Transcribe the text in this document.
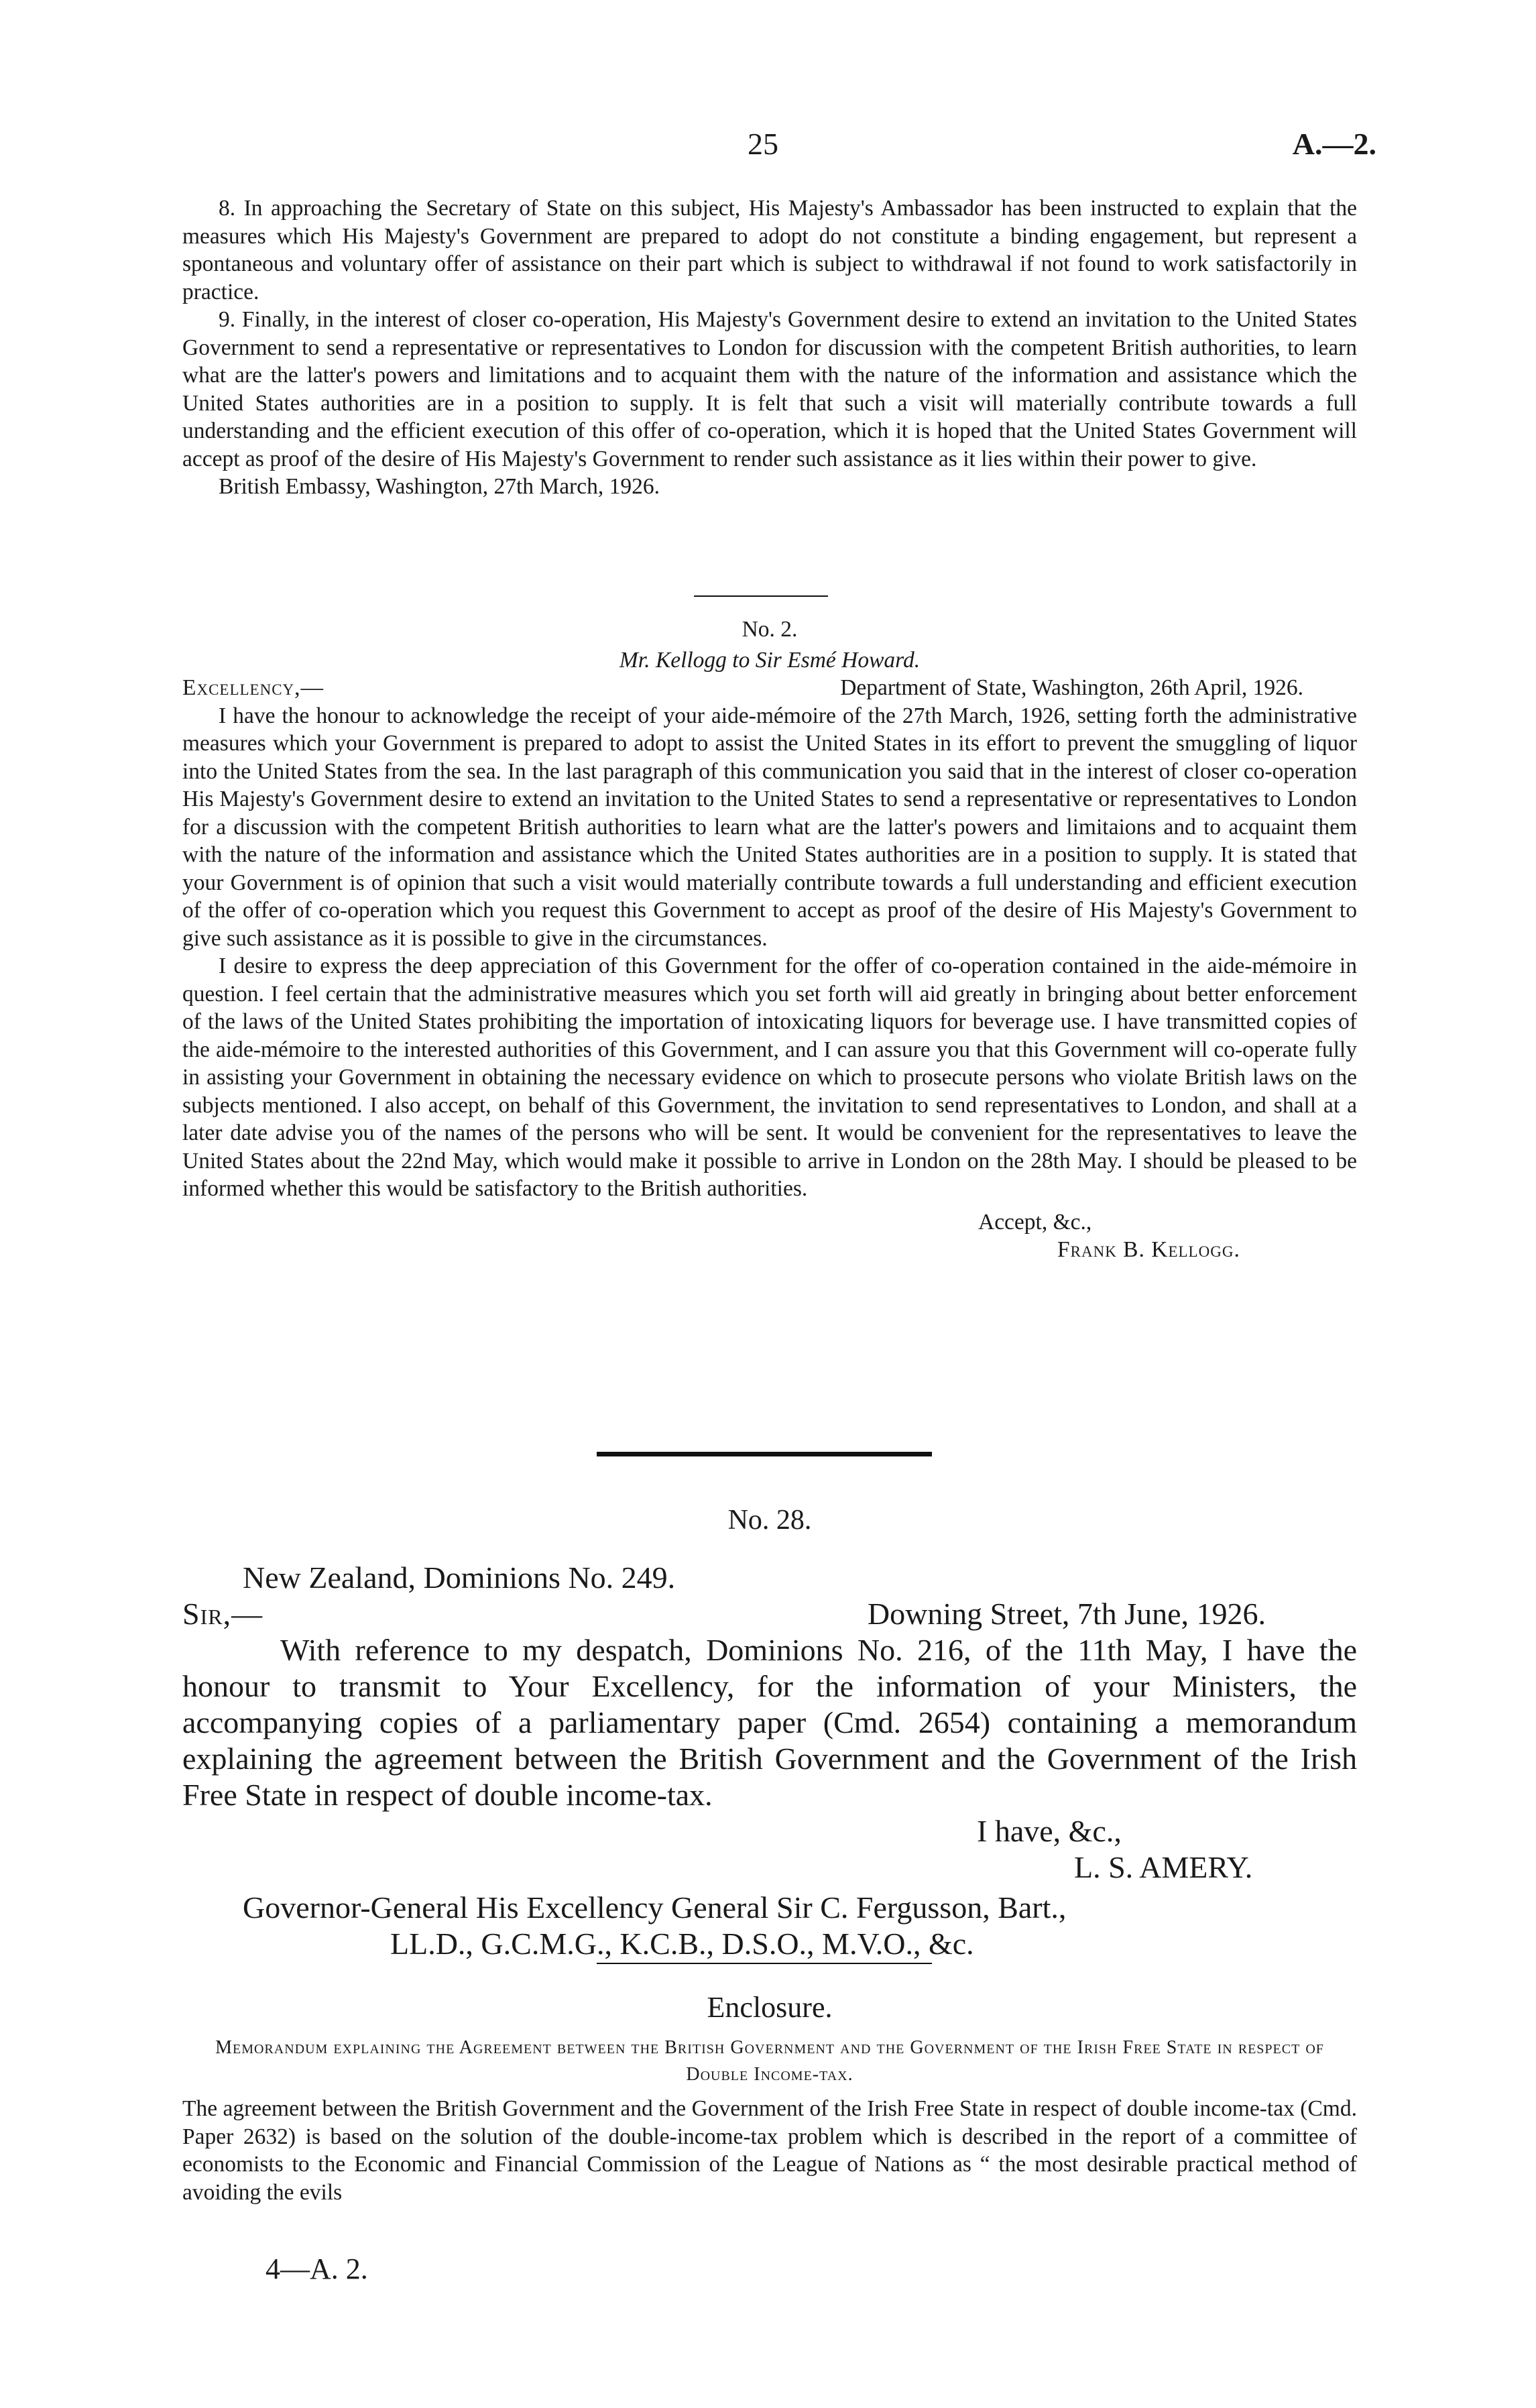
25	A.—2.

8. In approaching the Secretary of State on this subject, His Majesty's Ambassador has been instructed to explain that the measures which His Majesty's Government are prepared to adopt do not constitute a binding engagement, but represent a spontaneous and voluntary offer of assistance on their part which is subject to withdrawal if not found to work satisfactorily in practice.

9. Finally, in the interest of closer co-operation, His Majesty's Government desire to extend an invitation to the United States Government to send a representative or representatives to London for discussion with the competent British authorities, to learn what are the latter's powers and limitations and to acquaint them with the nature of the information and assistance which the United States authorities are in a position to supply. It is felt that such a visit will materially contribute towards a full understanding and the efficient execution of this offer of co-operation, which it is hoped that the United States Government will accept as proof of the desire of His Majesty's Government to render such assistance as it lies within their power to give.

British Embassy, Washington, 27th March, 1926.

No. 2.
Mr. Kellogg to Sir Esmé Howard.
Excellency,—	Department of State, Washington, 26th April, 1926.

I have the honour to acknowledge the receipt of your aide-mémoire of the 27th March, 1926, setting forth the administrative measures which your Government is prepared to adopt to assist the United States in its effort to prevent the smuggling of liquor into the United States from the sea. In the last paragraph of this communication you said that in the interest of closer co-operation His Majesty's Government desire to extend an invitation to the United States to send a representative or representatives to London for a discussion with the competent British authorities to learn what are the latter's powers and limitaions and to acquaint them with the nature of the information and assistance which the United States authorities are in a position to supply. It is stated that your Government is of opinion that such a visit would materially contribute towards a full understanding and efficient execution of the offer of co-operation which you request this Government to accept as proof of the desire of His Majesty's Government to give such assistance as it is possible to give in the circumstances.

I desire to express the deep appreciation of this Government for the offer of co-operation contained in the aide-mémoire in question. I feel certain that the administrative measures which you set forth will aid greatly in bringing about better enforcement of the laws of the United States prohibiting the importation of intoxicating liquors for beverage use. I have transmitted copies of the aide-mémoire to the interested authorities of this Government, and I can assure you that this Government will co-operate fully in assisting your Government in obtaining the necessary evidence on which to prosecute persons who violate British laws on the subjects mentioned. I also accept, on behalf of this Government, the invitation to send representatives to London, and shall at a later date advise you of the names of the persons who will be sent. It would be convenient for the representatives to leave the United States about the 22nd May, which would make it possible to arrive in London on the 28th May. I should be pleased to be informed whether this would be satisfactory to the British authorities.

Accept, &c.,
Frank B. Kellogg.
No. 28.
New Zealand, Dominions No. 249.
Sir,—	Downing Street, 7th June, 1926.

With reference to my despatch, Dominions No. 216, of the 11th May, I have the honour to transmit to Your Excellency, for the information of your Ministers, the accompanying copies of a parliamentary paper (Cmd. 2654) containing a memorandum explaining the agreement between the British Government and the Government of the Irish Free State in respect of double income-tax.

I have, &c.,
L. S. AMERY.
Governor-General His Excellency General Sir C. Fergusson, Bart.,
LL.D., G.C.M.G., K.C.B., D.S.O., M.V.O., &c.
Enclosure.
Memorandum explaining the Agreement between the British Government and the Government of the Irish Free State in respect of Double Income-tax.

The agreement between the British Government and the Government of the Irish Free State in respect of double income-tax (Cmd. Paper 2632) is based on the solution of the double-income-tax problem which is described in the report of a committee of economists to the Economic and Financial Commission of the League of Nations as “ the most desirable practical method of avoiding the evils

4—A. 2.
